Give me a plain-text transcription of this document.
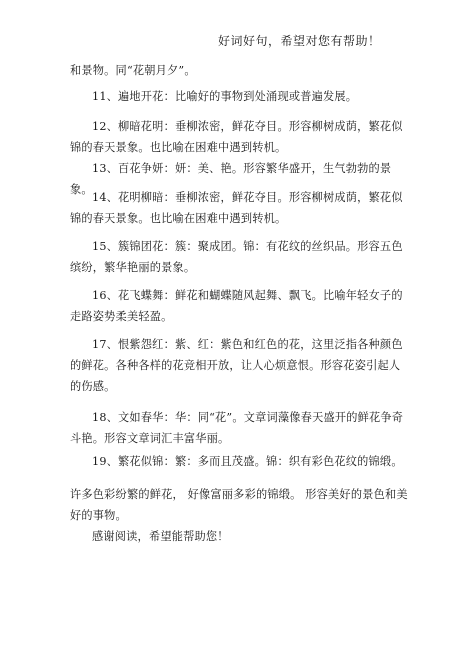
好词好句，希望对您有帮助！

和景物。同“花朝月夕”。

11、遍地开花：比喻好的事物到处涌现或普遍发展。

12、柳暗花明：垂柳浓密，鲜花夺目。形容柳树成荫，繁花似锦的春天景象。也比喻在困难中遇到转机。

13、百花争妍：妍：美、艳。形容繁华盛开，生气勃勃的景象。

14、花明柳暗：垂柳浓密，鲜花夺目。形容柳树成荫，繁花似锦的春天景象。也比喻在困难中遇到转机。

15、簇锦团花：簇：聚成团。锦：有花纹的丝织品。形容五色缤纷，繁华艳丽的景象。

16、花飞蝶舞：鲜花和蝴蝶随风起舞、飘飞。比喻年轻女子的走路姿势柔美轻盈。

17、恨紫怨红：紫、红：紫色和红色的花，这里泛指各种颜色的鲜花。各种各样的花竞相开放，让人心烦意恨。形容花姿引起人的伤感。

18、文如春华：华：同“花”。文章词藻像春天盛开的鲜花争奇斗艳。形容文章词汇丰富华丽。

19、繁花似锦：繁：多而且茂盛。锦：织有彩色花纹的锦缎。

许多色彩纷繁的鲜花， 好像富丽多彩的锦缎。 形容美好的景色和美好的事物。

感谢阅读，希望能帮助您！
